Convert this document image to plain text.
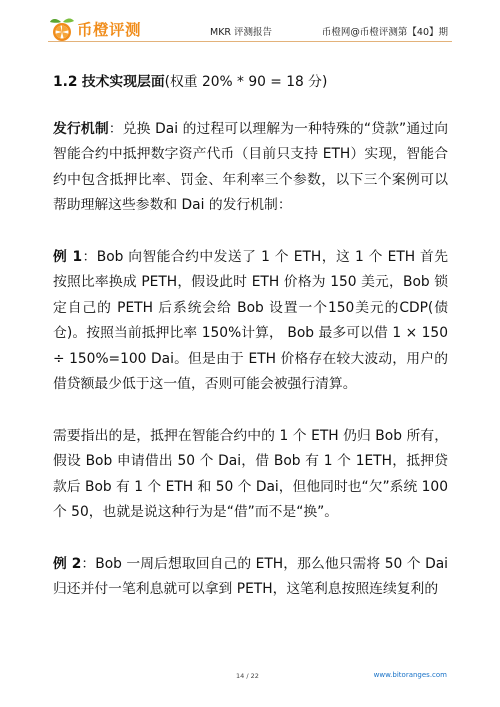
币橙评测	MKR 评测报告	币橙网@币橙评测第【40】期
1.2 技术实现层面(权重 20% * 90 = 18 分)

发行机制：兑换 Dai 的过程可以理解为一种特殊的“贷款”通过向智能合约中抵押数字资产代币（目前只支持 ETH）实现，智能合约中包含抵押比率、罚金、年利率三个参数，以下三个案例可以帮助理解这些参数和 Dai 的发行机制：

例 1：Bob 向智能合约中发送了 1 个 ETH，这 1 个 ETH 首先按照比率换成 PETH，假设此时 ETH 价格为 150 美元，Bob 锁定自己的 PETH 后系统会给 Bob 设置一个150美元的CDP(债仓)。按照当前抵押比率 150%计算， Bob 最多可以借 1 × 150 ÷ 150%=100 Dai。但是由于 ETH 价格存在较大波动，用户的借贷额最少低于这一值，否则可能会被强行清算。

需要指出的是，抵押在智能合约中的 1 个 ETH 仍归 Bob 所有，假设 Bob 申请借出 50 个 Dai，借 Bob 有 1 个 1ETH，抵押贷款后 Bob 有 1 个 ETH 和 50 个 Dai，但他同时也“欠”系统 100 个 50，也就是说这种行为是“借”而不是“换”。

例 2：Bob 一周后想取回自己的 ETH，那么他只需将 50 个 Dai 归还并付一笔利息就可以拿到 PETH，这笔利息按照连续复利的

14 / 22	www.bitoranges.com
